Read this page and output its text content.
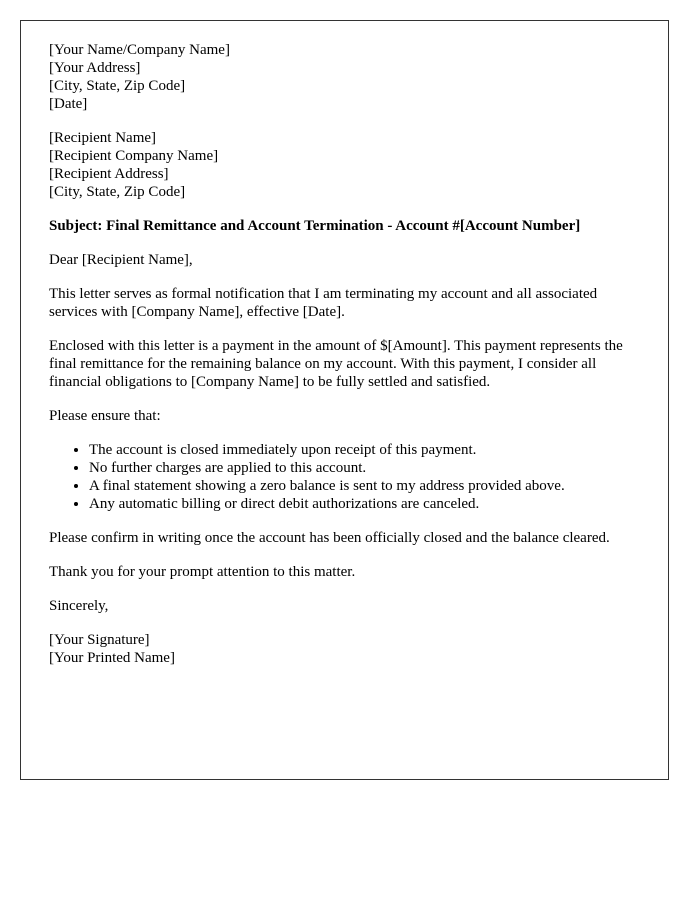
[Your Name/Company Name]
[Your Address]
[City, State, Zip Code]
[Date]
[Recipient Name]
[Recipient Company Name]
[Recipient Address]
[City, State, Zip Code]

Subject: Final Remittance and Account Termination - Account #[Account Number]

Dear [Recipient Name],

This letter serves as formal notification that I am terminating my account and all associated services with [Company Name], effective [Date].

Enclosed with this letter is a payment in the amount of $[Amount]. This payment represents the final remittance for the remaining balance on my account. With this payment, I consider all financial obligations to [Company Name] to be fully settled and satisfied.

Please ensure that:

• The account is closed immediately upon receipt of this payment.
• No further charges are applied to this account.
• A final statement showing a zero balance is sent to my address provided above.
• Any automatic billing or direct debit authorizations are canceled.

Please confirm in writing once the account has been officially closed and the balance cleared.

Thank you for your prompt attention to this matter.

Sincerely,

[Your Signature]
[Your Printed Name]
